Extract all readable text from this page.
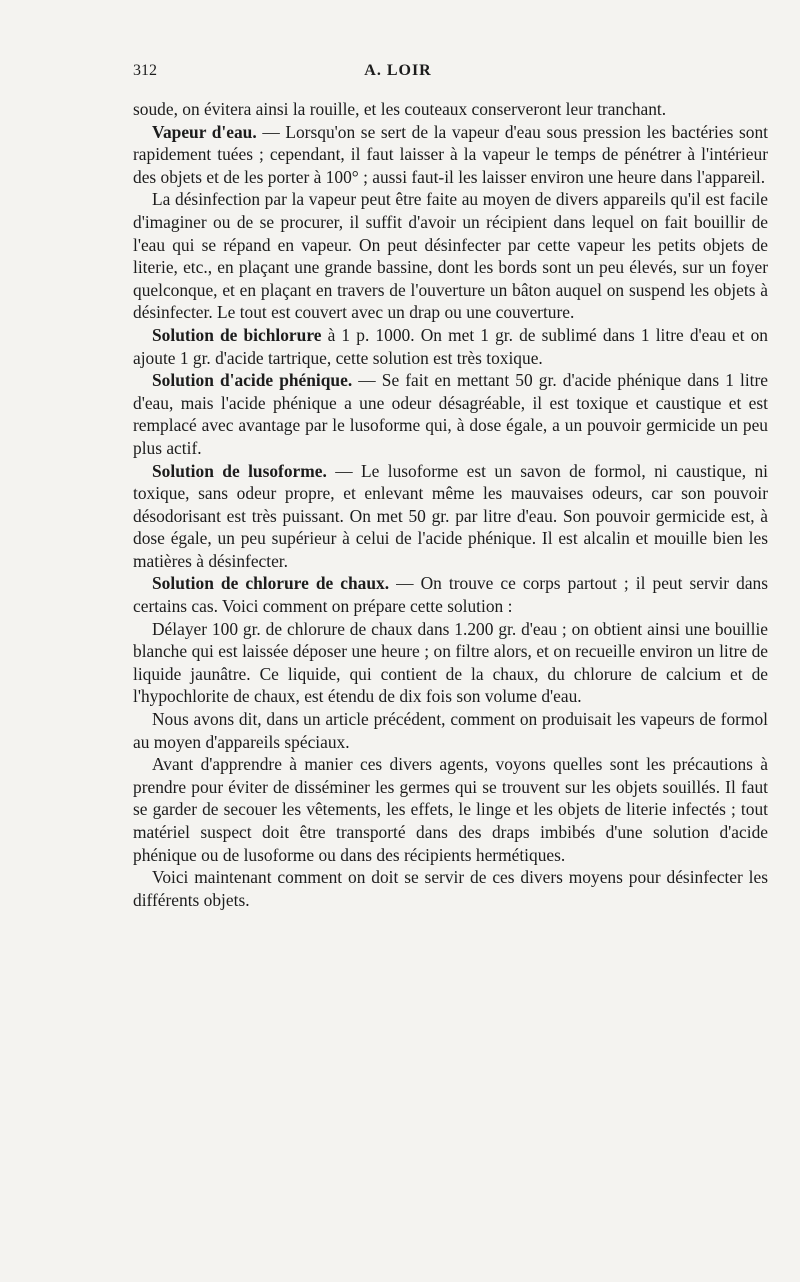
312	A. LOIR

soude, on évitera ainsi la rouille, et les couteaux conserveront leur tranchant.

Vapeur d'eau. — Lorsqu'on se sert de la vapeur d'eau sous pression les bactéries sont rapidement tuées ; cependant, il faut laisser à la vapeur le temps de pénétrer à l'intérieur des objets et de les porter à 100° ; aussi faut-il les laisser environ une heure dans l'appareil.

La désinfection par la vapeur peut être faite au moyen de divers appareils qu'il est facile d'imaginer ou de se procurer, il suffit d'avoir un récipient dans lequel on fait bouillir de l'eau qui se répand en vapeur. On peut désinfecter par cette vapeur les petits objets de literie, etc., en plaçant une grande bassine, dont les bords sont un peu élevés, sur un foyer quelconque, et en plaçant en travers de l'ouverture un bâton auquel on suspend les objets à désinfecter. Le tout est couvert avec un drap ou une couverture.

Solution de bichlorure à 1 p. 1000. On met 1 gr. de sublimé dans 1 litre d'eau et on ajoute 1 gr. d'acide tartrique, cette solution est très toxique.

Solution d'acide phénique. — Se fait en mettant 50 gr. d'acide phénique dans 1 litre d'eau, mais l'acide phénique a une odeur désagréable, il est toxique et caustique et est remplacé avec avantage par le lusoforme qui, à dose égale, a un pouvoir germicide un peu plus actif.

Solution de lusoforme. — Le lusoforme est un savon de formol, ni caustique, ni toxique, sans odeur propre, et enlevant même les mauvaises odeurs, car son pouvoir désodorisant est très puissant. On met 50 gr. par litre d'eau. Son pouvoir germicide est, à dose égale, un peu supérieur à celui de l'acide phénique. Il est alcalin et mouille bien les matières à désinfecter.

Solution de chlorure de chaux. — On trouve ce corps partout ; il peut servir dans certains cas. Voici comment on prépare cette solution :

Délayer 100 gr. de chlorure de chaux dans 1.200 gr. d'eau ; on obtient ainsi une bouillie blanche qui est laissée déposer une heure ; on filtre alors, et on recueille environ un litre de liquide jaunâtre. Ce liquide, qui contient de la chaux, du chlorure de calcium et de l'hypochlorite de chaux, est étendu de dix fois son volume d'eau.

Nous avons dit, dans un article précédent, comment on produisait les vapeurs de formol au moyen d'appareils spéciaux.

Avant d'apprendre à manier ces divers agents, voyons quelles sont les précautions à prendre pour éviter de disséminer les germes qui se trouvent sur les objets souillés. Il faut se garder de secouer les vêtements, les effets, le linge et les objets de literie infectés ; tout matériel suspect doit être transporté dans des draps imbibés d'une solution d'acide phénique ou de lusoforme ou dans des récipients hermétiques.

Voici maintenant comment on doit se servir de ces divers moyens pour désinfecter les différents objets.
